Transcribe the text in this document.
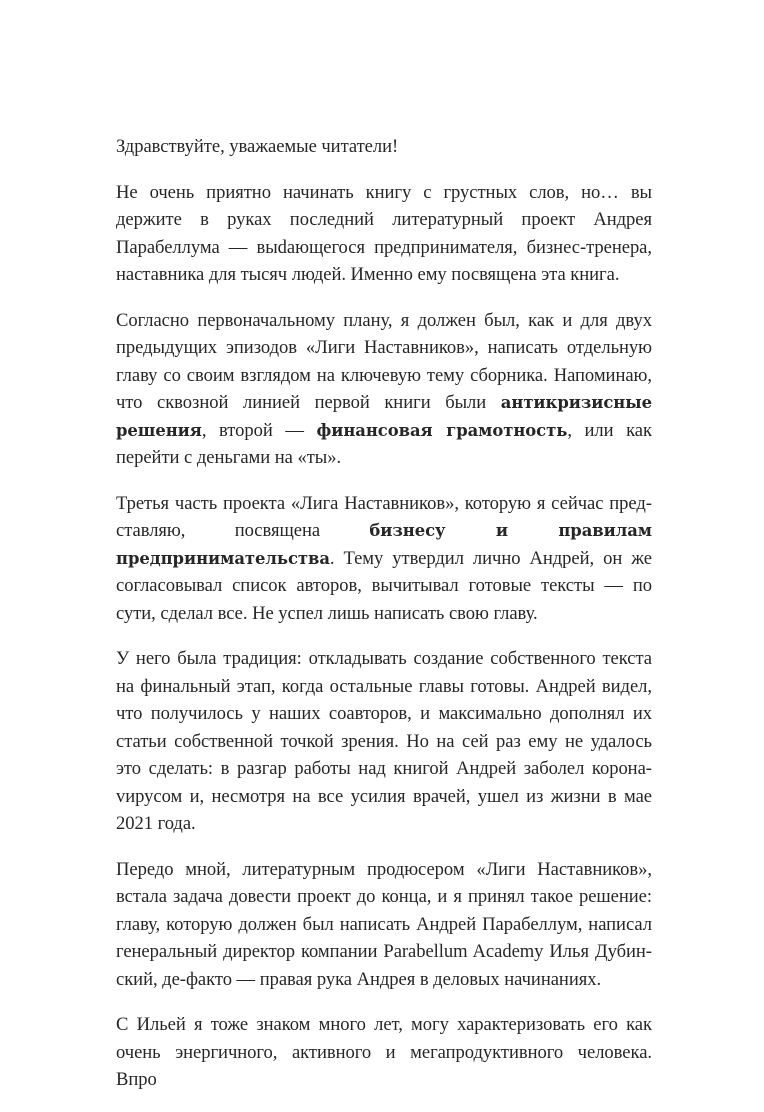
Здравствуйте, уважаемые читатели!

Не очень приятно начинать книгу с грустных слов, но… вы держите в руках последний литературный проект Андрея Парабеллума — выdающегося предпринимателя, бизнес-тренера, наставника для тысяч людей. Именно ему посвящена эта книга.

Согласно первоначальному плану, я должен был, как и для двух предыдущих эпизодов «Лиги Наставников», написать отдельную главу со своим взглядом на ключевую тему сборника. Напоминаю, что сквозной линией первой книги были антикризисные решения, второй — финансовая грамотность, или как перейти с деньгами на «ты».

Третья часть проекта «Лига Наставников», которую я сейчас представляю, посвящена бизнесу и правилам предпринимательства. Тему утвердил лично Андрей, он же согласовывал список авторов, вычитывал готовые тексты — по сути, сделал все. Не успел лишь написать свою главу.

У него была традиция: откладывать создание собственного текста на финальный этап, когда остальные главы готовы. Андрей видел, что получилось у наших соавторов, и максимально дополнял их статьи собственной точкой зрения. Но на сей раз ему не удалось это сделать: в разгар работы над книгой Андрей заболел коронаvирусом и, несмотря на все усилия врачей, ушел из жизни в мае 2021 года.

Передо мной, литературным продюсером «Лиги Наставников», встала задача довести проект до конца, и я принял такое решение: главу, которую должен был написать Андрей Парабеллум, написал генеральный директор компании Parabellum Academy Илья Дубинский, де-факто — правая рука Андрея в деловых начинаниях.

С Ильей я тоже знаком много лет, могу характеризовать его как очень энергичного, активного и мегапродуктивного человека. Впро
